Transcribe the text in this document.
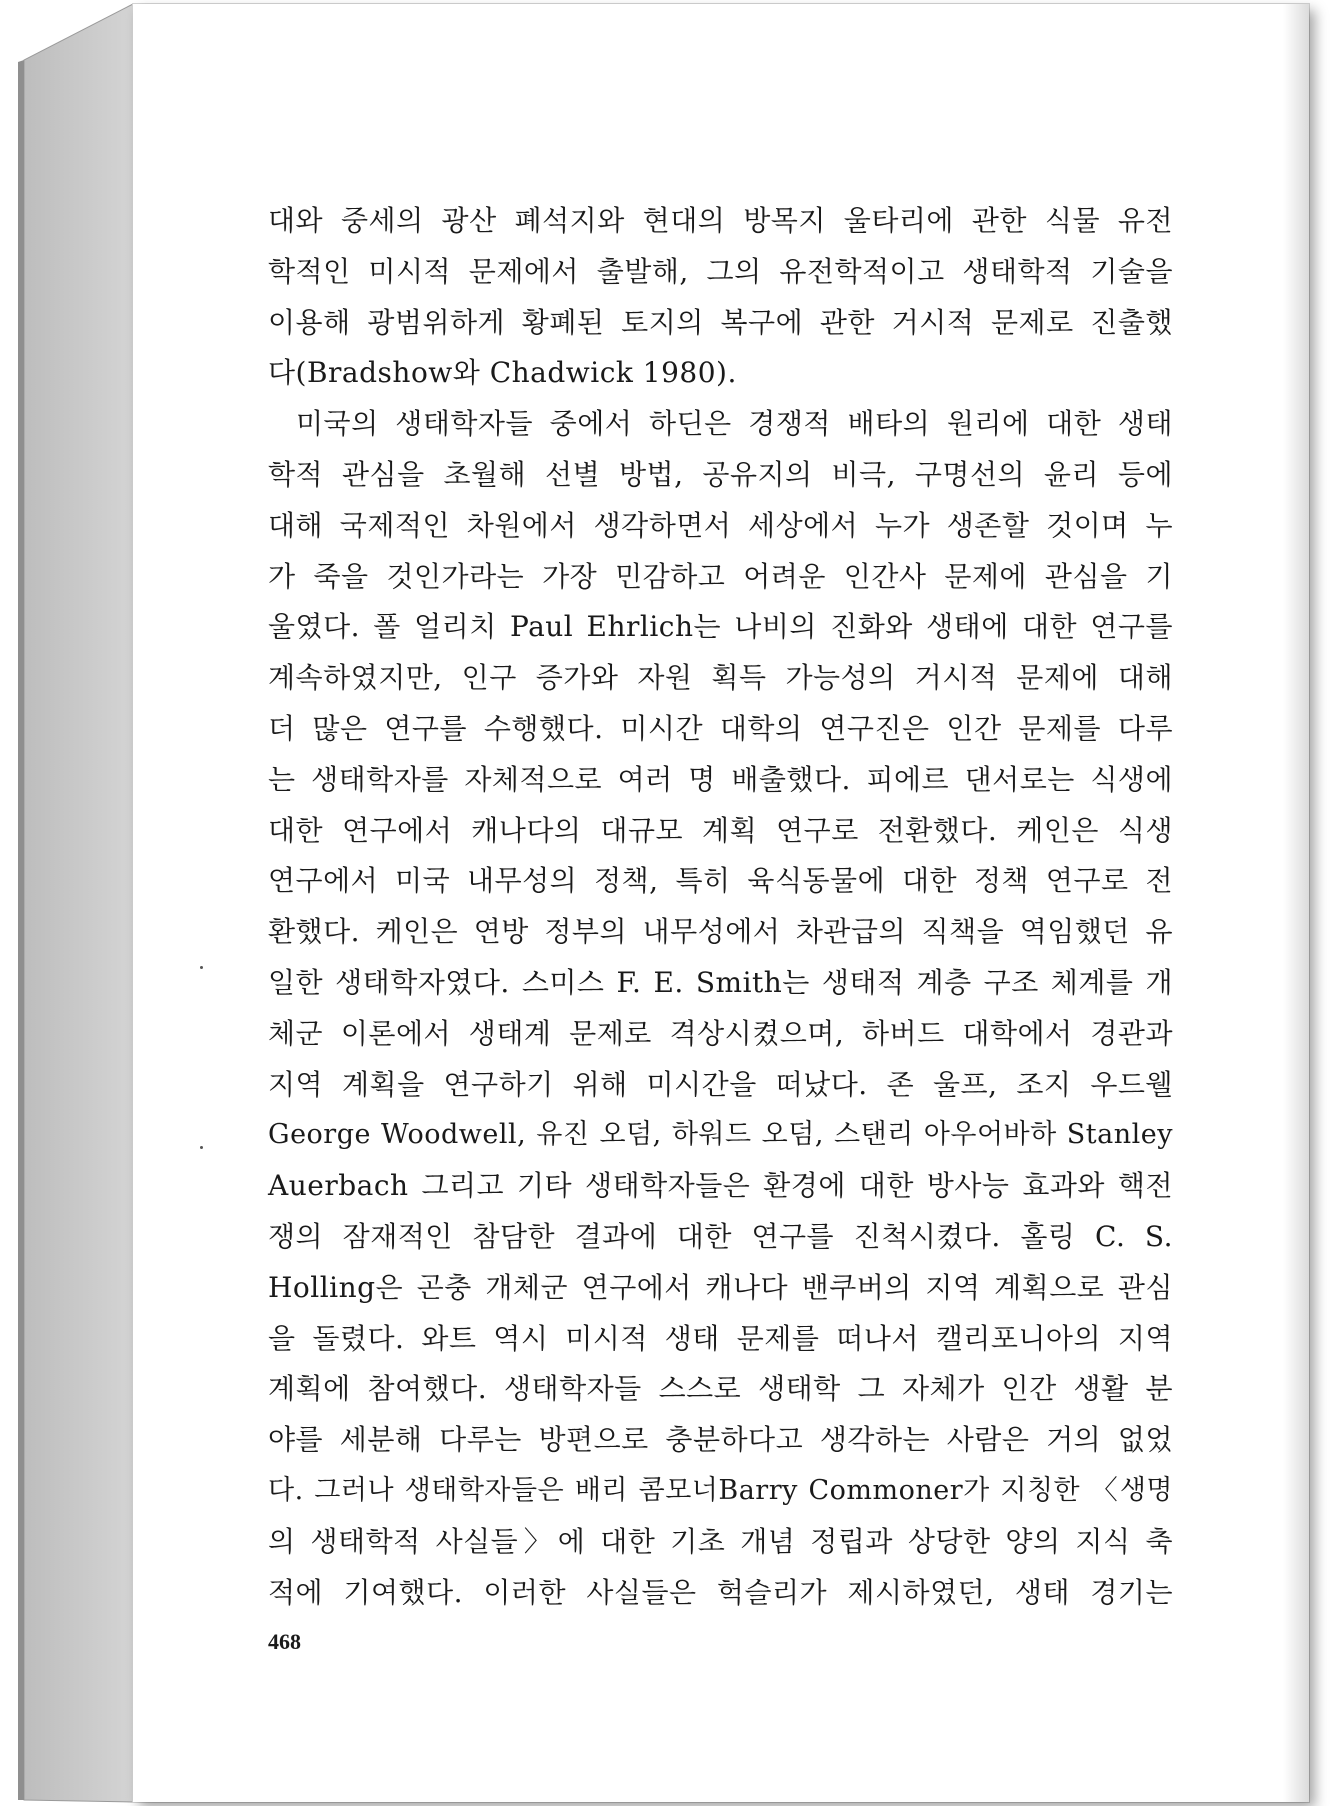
대와 중세의 광산 폐석지와 현대의 방목지 울타리에 관한 식물 유전
학적인 미시적 문제에서 출발해, 그의 유전학적이고 생태학적 기술을
이용해 광범위하게 황폐된 토지의 복구에 관한 거시적 문제로 진출했
다(Bradshow와 Chadwick 1980).
미국의 생태학자들 중에서 하딘은 경쟁적 배타의 원리에 대한 생태
학적 관심을 초월해 선별 방법, 공유지의 비극, 구명선의 윤리 등에
대해 국제적인 차원에서 생각하면서 세상에서 누가 생존할 것이며 누
가 죽을 것인가라는 가장 민감하고 어려운 인간사 문제에 관심을 기
울였다. 폴 얼리치 Paul Ehrlich는 나비의 진화와 생태에 대한 연구를
계속하였지만, 인구 증가와 자원 획득 가능성의 거시적 문제에 대해
더 많은 연구를 수행했다. 미시간 대학의 연구진은 인간 문제를 다루
는 생태학자를 자체적으로 여러 명 배출했다. 피에르 댄서로는 식생에
대한 연구에서 캐나다의 대규모 계획 연구로 전환했다. 케인은 식생
연구에서 미국 내무성의 정책, 특히 육식동물에 대한 정책 연구로 전
환했다. 케인은 연방 정부의 내무성에서 차관급의 직책을 역임했던 유
일한 생태학자였다. 스미스 F. E. Smith는 생태적 계층 구조 체계를 개
체군 이론에서 생태계 문제로 격상시켰으며, 하버드 대학에서 경관과
지역 계획을 연구하기 위해 미시간을 떠났다. 존 울프, 조지 우드웰
George Woodwell, 유진 오덤, 하워드 오덤, 스탠리 아우어바하 Stanley
Auerbach 그리고 기타 생태학자들은 환경에 대한 방사능 효과와 핵전
쟁의 잠재적인 참담한 결과에 대한 연구를 진척시켰다. 홀링 C. S.
Holling은 곤충 개체군 연구에서 캐나다 밴쿠버의 지역 계획으로 관심
을 돌렸다. 와트 역시 미시적 생태 문제를 떠나서 캘리포니아의 지역
계획에 참여했다. 생태학자들 스스로 생태학 그 자체가 인간 생활 분
야를 세분해 다루는 방편으로 충분하다고 생각하는 사람은 거의 없었
다. 그러나 생태학자들은 배리 콤모너Barry Commoner가 지칭한 〈생명
의 생태학적 사실들〉에 대한 기초 개념 정립과 상당한 양의 지식 축
적에 기여했다. 이러한 사실들은 헉슬리가 제시하였던, 생태 경기는
468
